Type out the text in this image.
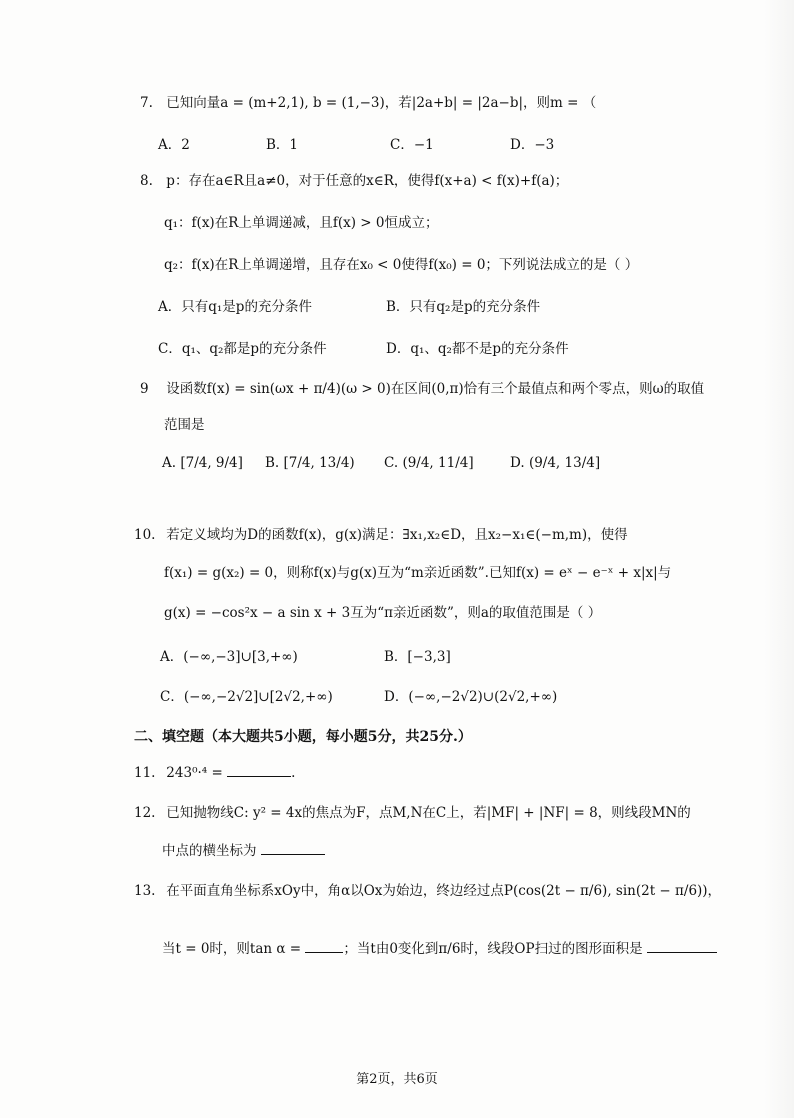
7. 已知向量a = (m+2,1), b = (1,−3)，若|2a+b| = |2a−b|，则m = （
A．2	B．1	C．−1	D．−3
8. p：存在a∈R且a≠0，对于任意的x∈R，使得f(x+a) < f(x)+f(a)；
q₁：f(x)在R上单调递减，且f(x) > 0恒成立；
q₂：f(x)在R上单调递增，且存在x₀ < 0使得f(x₀) = 0；下列说法成立的是（ ）
A．只有q₁是p的充分条件	B．只有q₂是p的充分条件
C．q₁、q₂都是p的充分条件	D．q₁、q₂都不是p的充分条件
9 设函数f(x) = sin(ωx + π/4)(ω > 0)在区间(0,π)恰有三个最值点和两个零点，则ω的取值
范围是
A. [7/4, 9/4] B. [7/4, 13/4) C. (9/4, 11/4]	D. (9/4, 13/4]
10. 若定义域均为D的函数f(x)，g(x)满足：∃x₁,x₂∈D，且x₂−x₁∈(−m,m)，使得
f(x₁) = g(x₂) = 0，则称f(x)与g(x)互为“m亲近函数”.已知f(x) = eˣ − e⁻ˣ + x|x|与
g(x) = −cos²x − a sin x + 3互为“π亲近函数”，则a的取值范围是（ ）
A．(−∞,−3]∪[3,+∞)	B．[−3,3]
C．(−∞,−2√2]∪[2√2,+∞)	D．(−∞,−2√2)∪(2√2,+∞)
二、填空题（本大题共5小题，每小题5分，共25分.）
11. 243⁰·⁴ =	.
12. 已知抛物线C: y² = 4x的焦点为F，点M,N在C上，若|MF| + |NF| = 8，则线段MN的
中点的横坐标为
13. 在平面直角坐标系xOy中，角α以Ox为始边，终边经过点P(cos(2t − π/6), sin(2t − π/6))，
当t = 0时，则tan α =	；当t由0变化到π/6时，线段OP扫过的图形面积是
第2页，共6页
